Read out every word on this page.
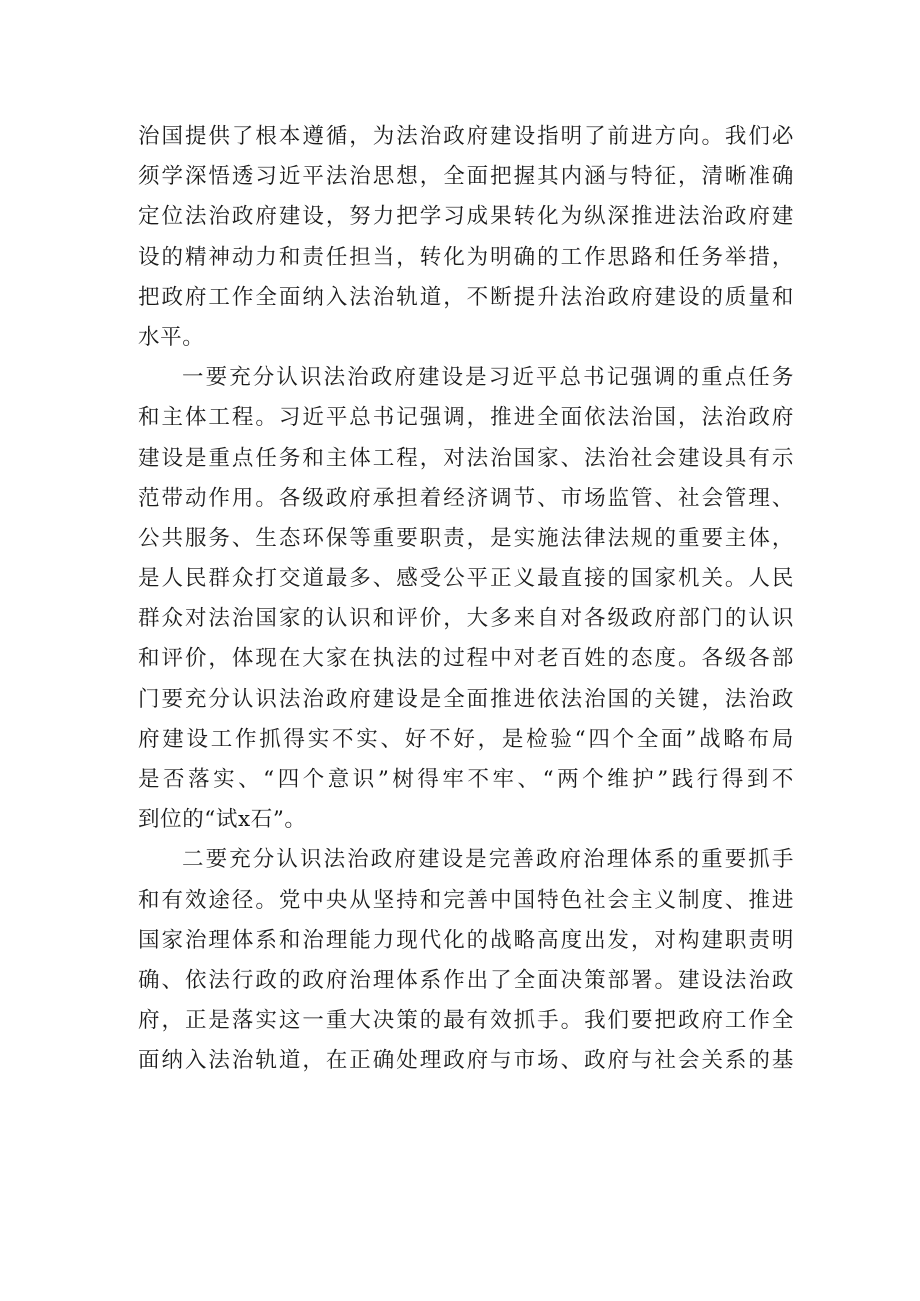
治国提供了根本遵循，为法治政府建设指明了前进方向。我们必
须学深悟透习近平法治思想，全面把握其内涵与特征，清晰准确
定位法治政府建设，努力把学习成果转化为纵深推进法治政府建
设的精神动力和责任担当，转化为明确的工作思路和任务举措，
把政府工作全面纳入法治轨道，不断提升法治政府建设的质量和
水平。
一要充分认识法治政府建设是习近平总书记强调的重点任务
和主体工程。习近平总书记强调，推进全面依法治国，法治政府
建设是重点任务和主体工程，对法治国家、法治社会建设具有示
范带动作用。各级政府承担着经济调节、市场监管、社会管理、
公共服务、生态环保等重要职责，是实施法律法规的重要主体，
是人民群众打交道最多、感受公平正义最直接的国家机关。人民
群众对法治国家的认识和评价，大多来自对各级政府部门的认识
和评价，体现在大家在执法的过程中对老百姓的态度。各级各部
门要充分认识法治政府建设是全面推进依法治国的关键，法治政
府建设工作抓得实不实、好不好，是检验“四个全面”战略布局
是否落实、“四个意识”树得牢不牢、“两个维护”践行得到不
到位的“试x石”。
二要充分认识法治政府建设是完善政府治理体系的重要抓手
和有效途径。党中央从坚持和完善中国特色社会主义制度、推进
国家治理体系和治理能力现代化的战略高度出发，对构建职责明
确、依法行政的政府治理体系作出了全面决策部署。建设法治政
府，正是落实这一重大决策的最有效抓手。我们要把政府工作全
面纳入法治轨道，在正确处理政府与市场、政府与社会关系的基
